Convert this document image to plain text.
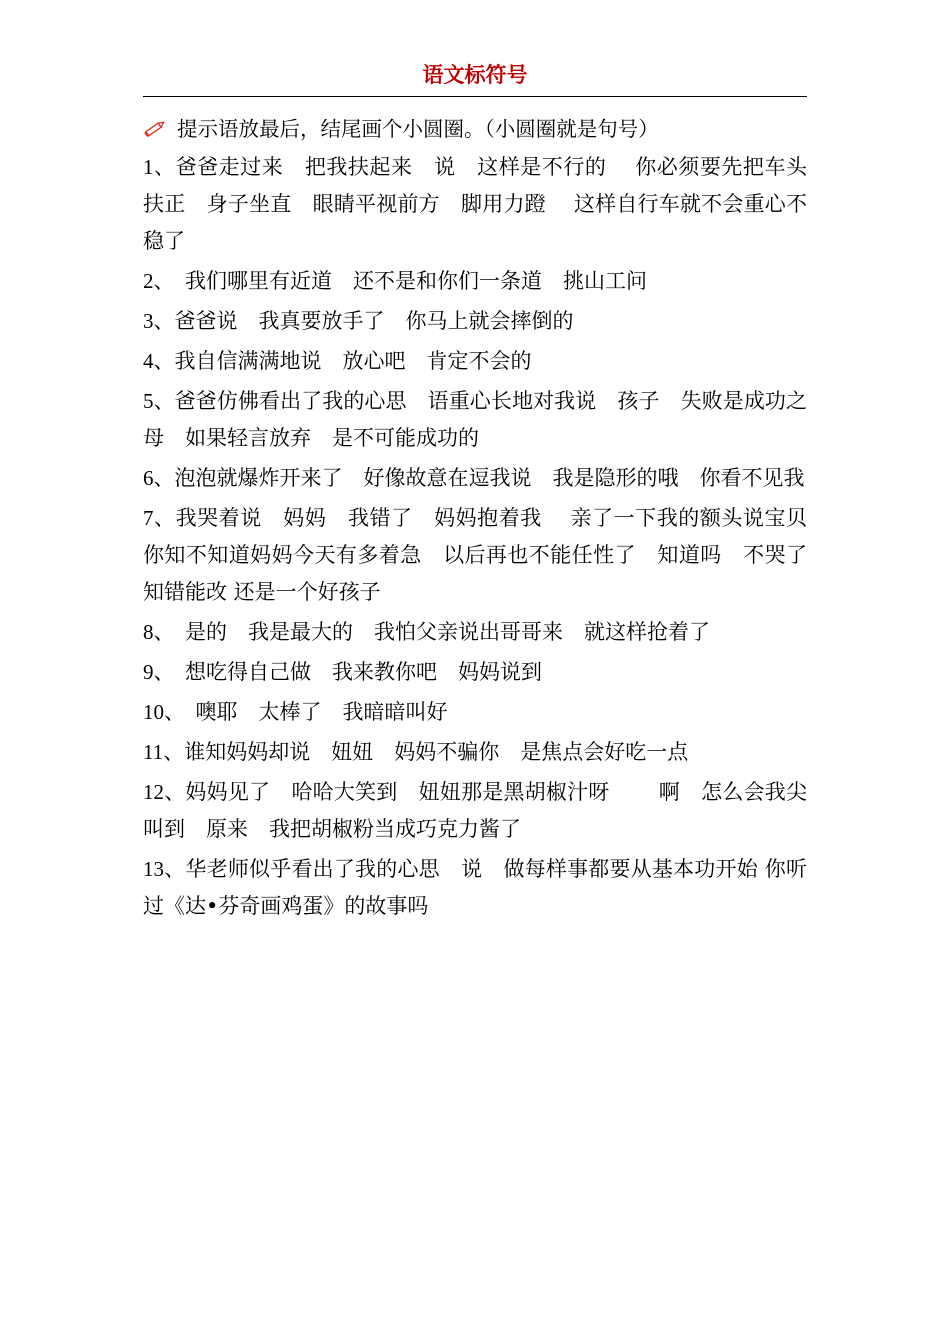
语文标符号
提示语放最后，结尾画个小圆圈。（小圆圈就是句号）
1、爸爸走过来　把我扶起来　说　这样是不行的　 你必须要先把车头扶正　身子坐直　眼睛平视前方　脚用力蹬　 这样自行车就不会重心不稳了
2、　我们哪里有近道　还不是和你们一条道　挑山工问
3、爸爸说　我真要放手了　你马上就会摔倒的
4、我自信满满地说　放心吧　肯定不会的
5、爸爸仿佛看出了我的心思　语重心长地对我说　孩子　失败是成功之母　如果轻言放弃　是不可能成功的
6、泡泡就爆炸开来了　好像故意在逗我说　我是隐形的哦　你看不见我
7、我哭着说　妈妈　我错了　妈妈抱着我　 亲了一下我的额头说宝贝　你知不知道妈妈今天有多着急　以后再也不能任性了　知道吗　不哭了 知错能改 还是一个好孩子
8、　是的　我是最大的　我怕父亲说出哥哥来　就这样抢着了
9、　想吃得自己做　我来教你吧　妈妈说到
10、　噢耶　太棒了　我暗暗叫好
11、谁知妈妈却说　妞妞　妈妈不骗你　是焦点会好吃一点
12、妈妈见了　哈哈大笑到　妞妞那是黑胡椒汁呀　 　啊　怎么会我尖叫到　原来　我把胡椒粉当成巧克力酱了
13、华老师似乎看出了我的心思　说　做每样事都要从基本功开始 你听过《达•芬奇画鸡蛋》的故事吗
